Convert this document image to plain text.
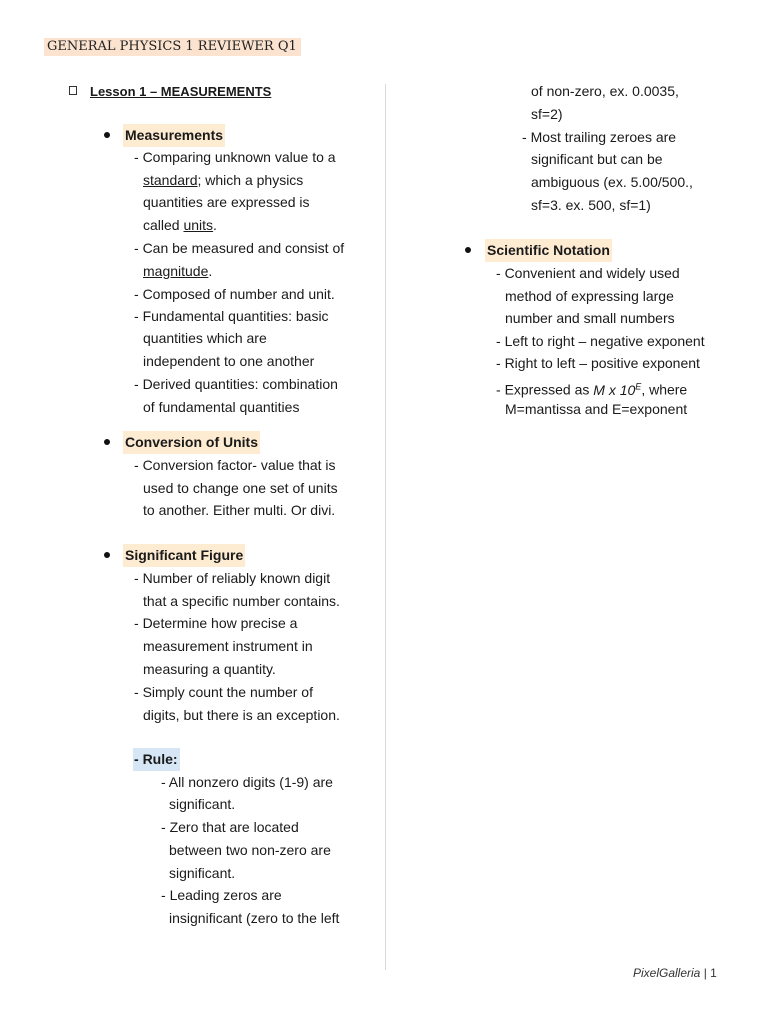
GENERAL PHYSICS 1 REVIEWER Q1
Lesson 1 – MEASUREMENTS
Measurements
- Comparing unknown value to a
standard; which a physics
quantities are expressed is
called units.
- Can be measured and consist of
magnitude.
- Composed of number and unit.
- Fundamental quantities: basic
quantities which are
independent to one another
- Derived quantities: combination
of fundamental quantities
Conversion of Units
- Conversion factor- value that is
used to change one set of units
to another. Either multi. Or divi.
Significant Figure
- Number of reliably known digit
that a specific number contains.
- Determine how precise a
measurement instrument in
measuring a quantity.
- Simply count the number of
digits, but there is an exception.
- Rule:
- All nonzero digits (1-9) are
significant.
- Zero that are located
between two non-zero are
significant.
- Leading zeros are
insignificant (zero to the left
of non-zero, ex. 0.0035,
sf=2)
- Most trailing zeroes are
significant but can be
ambiguous (ex. 5.00/500.,
sf=3. ex. 500, sf=1)
Scientific Notation
- Convenient and widely used
method of expressing large
number and small numbers
- Left to right – negative exponent
- Right to left – positive exponent
- Expressed as M x $10^E$, where
M=mantissa and E=exponent
PixelGalleria | 1
